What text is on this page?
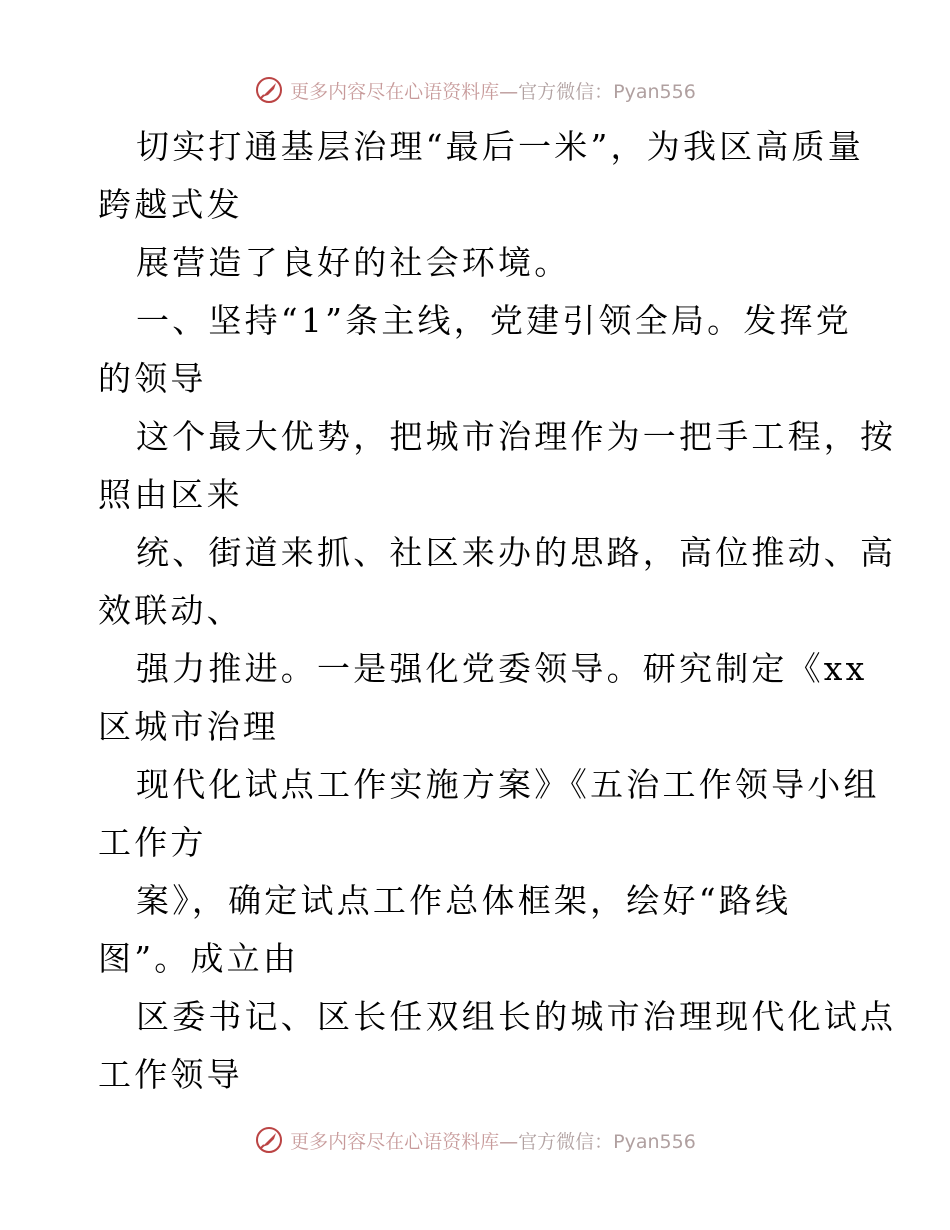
更多内容尽在心语资料库—官方微信：Pyan556
切实打通基层治理“最后一米”，为我区高质量
跨越式发
展营造了良好的社会环境。
一、坚持“1”条主线，党建引领全局。发挥党
的领导
这个最大优势，把城市治理作为一把手工程，按
照由区来
统、街道来抓、社区来办的思路，高位推动、高
效联动、
强力推进。一是强化党委领导。研究制定《xx
区城市治理
现代化试点工作实施方案》《五治工作领导小组
工作方
案》，确定试点工作总体框架，绘好“路线
图”。成立由
区委书记、区长任双组长的城市治理现代化试点
工作领导
更多内容尽在心语资料库—官方微信：Pyan556
